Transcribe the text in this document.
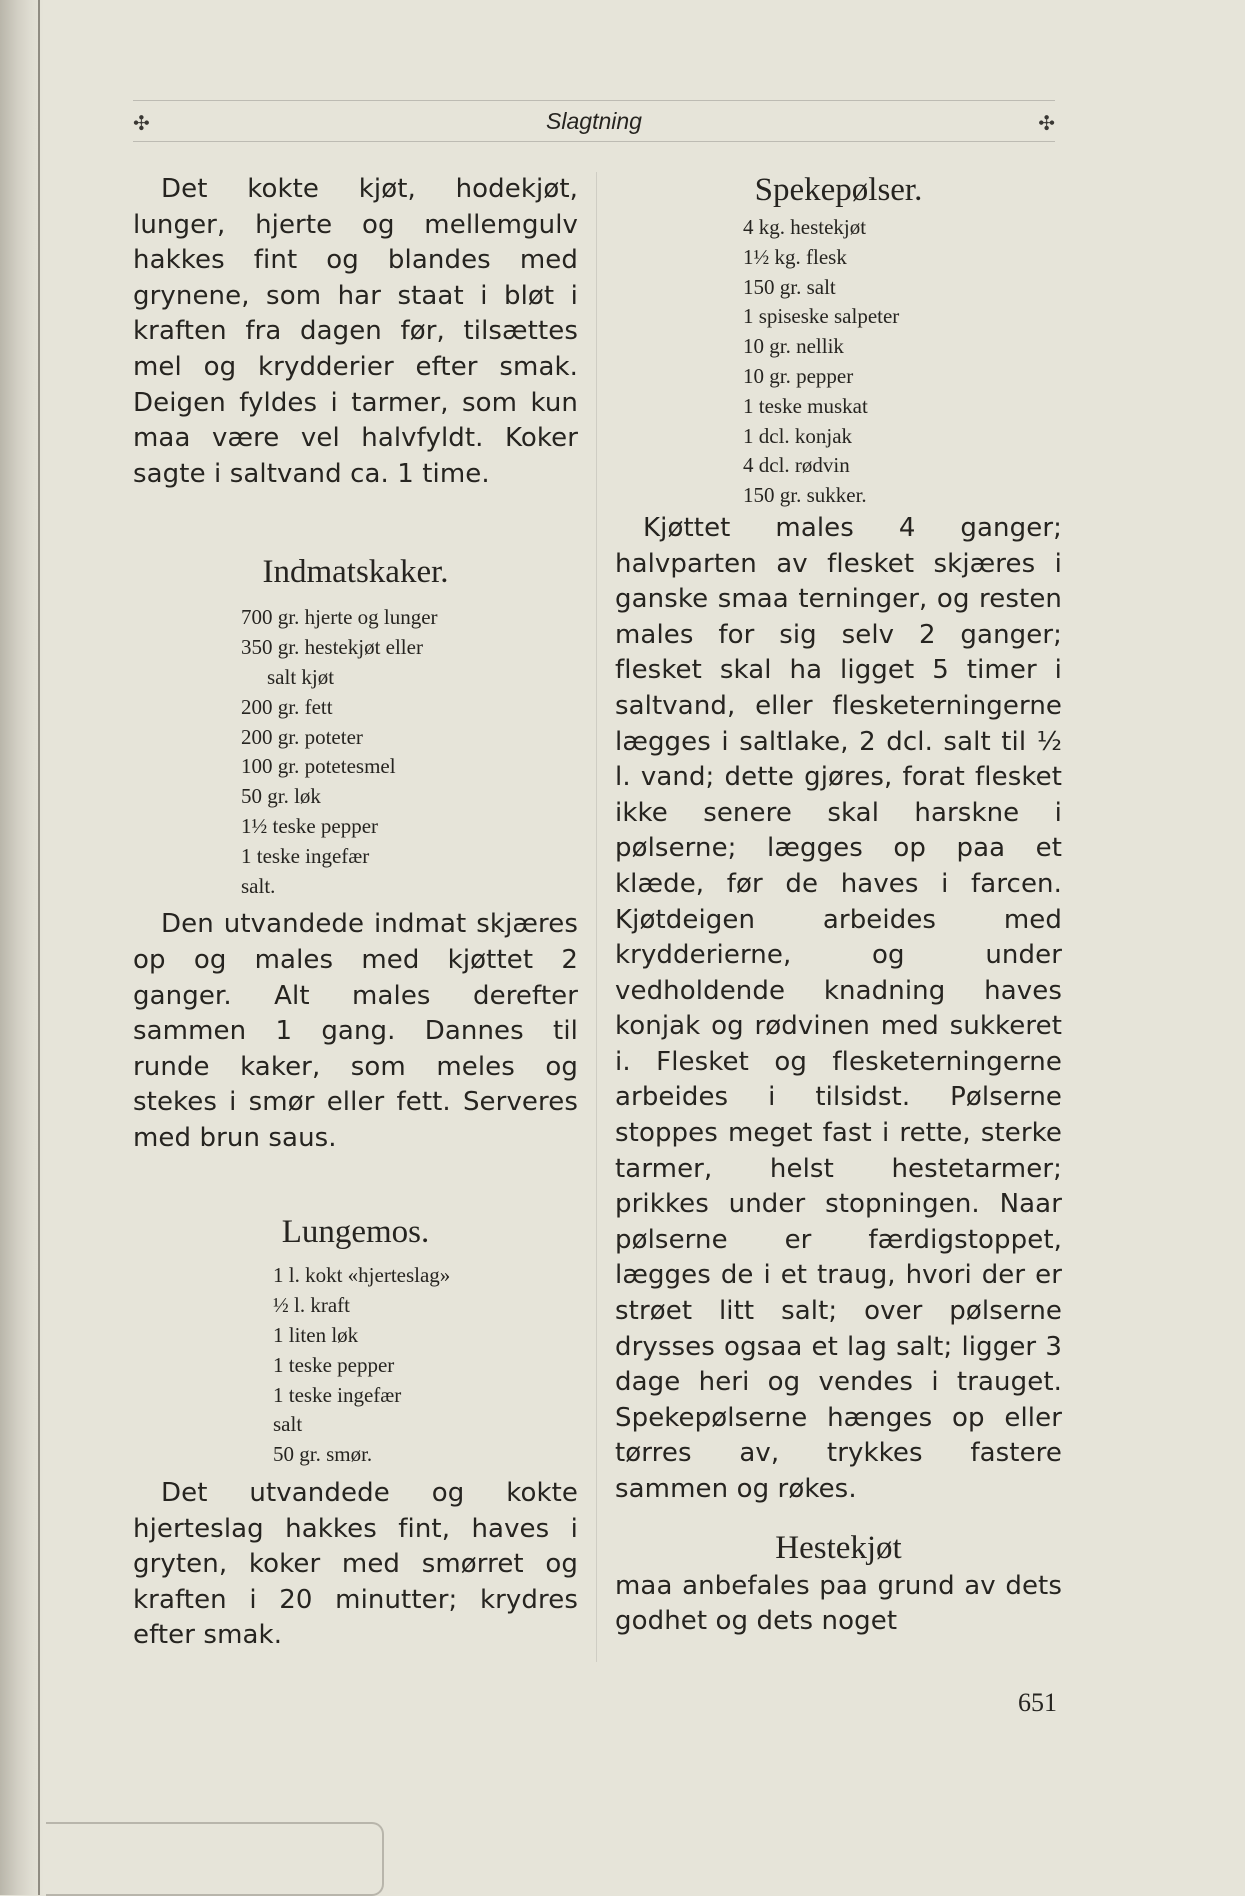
✣	Slagtning	✣

Det kokte kjøt, hodekjøt, lunger, hjerte og mellemgulv hakkes fint og blandes med grynene, som har staat i bløt i kraften fra dagen før, tilsættes mel og krydderier efter smak. Deigen fyldes i tarmer, som kun maa være vel halvfyldt. Koker sagte i saltvand ca. 1 time.

Indmatskaker.
700 gr. hjerte og lunger
350 gr. hestekjøt eller
salt kjøt
200 gr. fett
200 gr. poteter
100 gr. potetesmel
50 gr. løk
1½ teske pepper
1 teske ingefær
salt.

Den utvandede indmat skjæres op og males med kjøttet 2 ganger. Alt males derefter sammen 1 gang. Dannes til runde kaker, som meles og stekes i smør eller fett. Serveres med brun saus.

Lungemos.
1 l. kokt «hjerteslag»
½ l. kraft
1 liten løk
1 teske pepper
1 teske ingefær
salt
50 gr. smør.

Det utvandede og kokte hjerteslag hakkes fint, haves i gryten, koker med smørret og kraften i 20 minutter; krydres efter smak.

Spekepølser.
4 kg. hestekjøt
1½ kg. flesk
150 gr. salt
1 spiseske salpeter
10 gr. nellik
10 gr. pepper
1 teske muskat
1 dcl. konjak
4 dcl. rødvin
150 gr. sukker.

Kjøttet males 4 ganger; halvparten av flesket skjæres i ganske smaa terninger, og resten males for sig selv 2 ganger; flesket skal ha ligget 5 timer i saltvand, eller flesketerningerne lægges i saltlake, 2 dcl. salt til ½ l. vand; dette gjøres, forat flesket ikke senere skal harskne i pølserne; lægges op paa et klæde, før de haves i farcen. Kjøtdeigen arbeides med krydderierne, og under vedholdende knadning haves konjak og rødvinen med sukkeret i. Flesket og flesketerningerne arbeides i tilsidst. Pølserne stoppes meget fast i rette, sterke tarmer, helst hestetarmer; prikkes under stopningen. Naar pølserne er færdigstoppet, lægges de i et traug, hvori der er strøet litt salt; over pølserne drysses ogsaa et lag salt; ligger 3 dage heri og vendes i trauget. Spekepølserne hænges op eller tørres av, trykkes fastere sammen og røkes.

Hestekjøt

maa anbefales paa grund av dets godhet og dets noget

651
